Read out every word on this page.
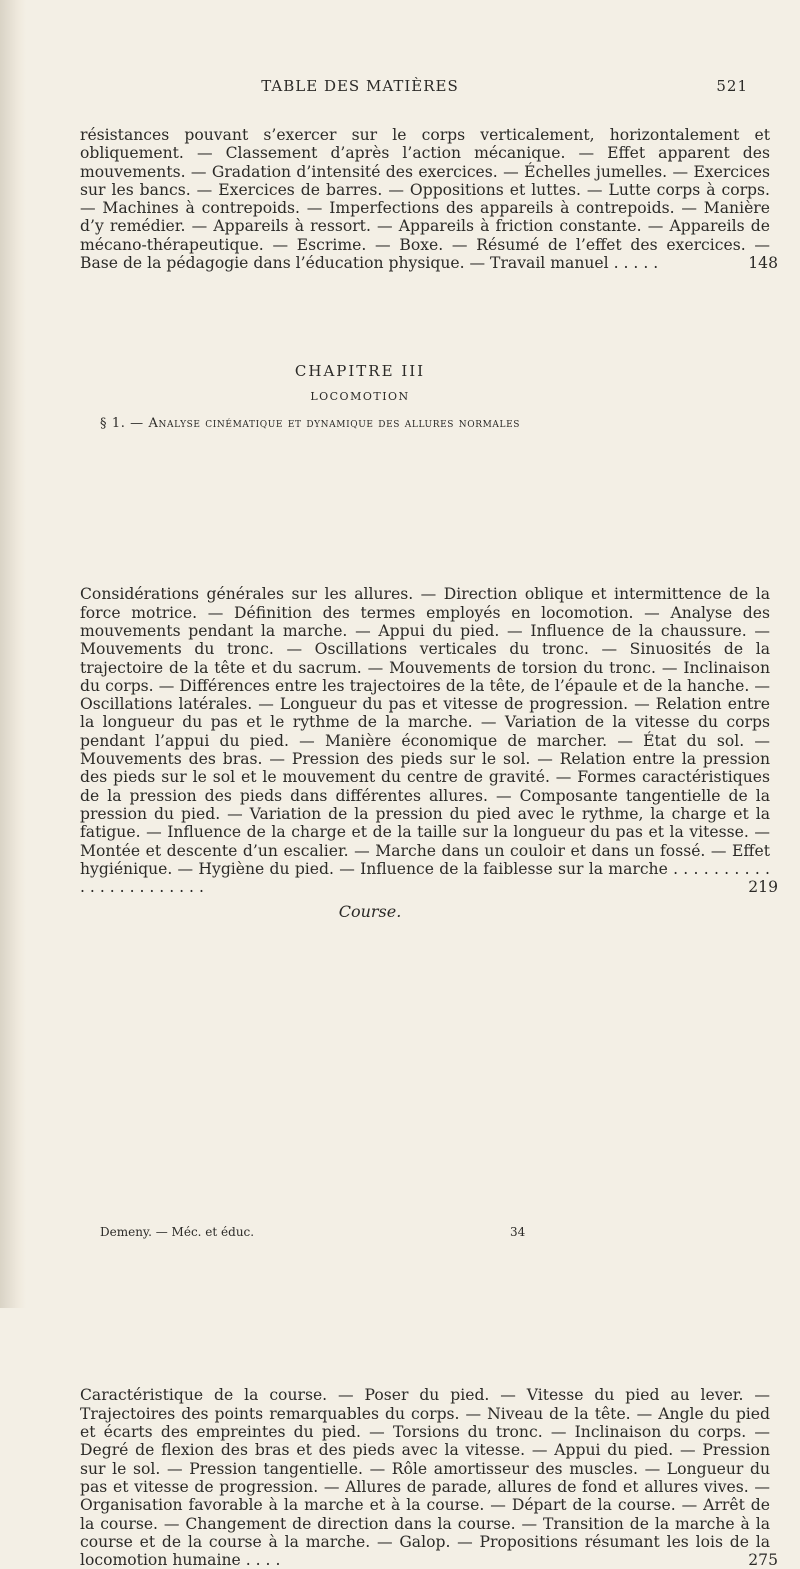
TABLE DES MATIÈRES	521
résistances pouvant s’exercer sur le corps verticalement, horizontalement et obliquement. — Classement d’après l’action mécanique. — Effet apparent des mouvements. — Gradation d’intensité des exercices. — Échelles jumelles. — Exercices sur les bancs. — Exercices de barres. — Oppositions et luttes. — Lutte corps à corps. — Machines à contrepoids. — Imperfections des appareils à contrepoids. — Manière d’y remédier. — Appareils à ressort. — Appareils à friction constante. — Appareils de mécano-thérapeutique. — Escrime. — Boxe. — Résumé de l’effet des exercices. — Base de la pédagogie dans l’éducation physique. — Travail manuel . . . . .	148
CHAPITRE III
LOCOMOTION
§ 1. — Analyse cinématique et dynamique des allures normales
Considérations générales sur les allures. — Direction oblique et intermittence de la force motrice. — Définition des termes employés en locomotion. — Analyse des mouvements pendant la marche. — Appui du pied. — Influence de la chaussure. — Mouvements du tronc. — Oscillations verticales du tronc. — Sinuosités de la trajectoire de la tête et du sacrum. — Mouvements de torsion du tronc. — Inclinaison du corps. — Différences entre les trajectoires de la tête, de l’épaule et de la hanche. — Oscillations latérales. — Longueur du pas et vitesse de progression. — Relation entre la longueur du pas et le rythme de la marche. — Variation de la vitesse du corps pendant l’appui du pied. — Manière économique de marcher. — État du sol. — Mouvements des bras. — Pression des pieds sur le sol. — Relation entre la pression des pieds sur le sol et le mouvement du centre de gravité. — Formes caractéristiques de la pression des pieds dans différentes allures. — Composante tangentielle de la pression du pied. — Variation de la pression du pied avec le rythme, la charge et la fatigue. — Influence de la charge et de la taille sur la longueur du pas et la vitesse. — Montée et descente d’un escalier. — Marche dans un couloir et dans un fossé. — Effet hygiénique. — Hygiène du pied. — Influence de la faiblesse sur la marche . . . . . . . . . . . . . . . . . . . . . . .	219
Course.
Caractéristique de la course. — Poser du pied. — Vitesse du pied au lever. — Trajectoires des points remarquables du corps. — Niveau de la tête. — Angle du pied et écarts des empreintes du pied. — Torsions du tronc. — Inclinaison du corps. — Degré de flexion des bras et des pieds avec la vitesse. — Appui du pied. — Pression sur le sol. — Pression tangentielle. — Rôle amortisseur des muscles. — Longueur du pas et vitesse de progression. — Allures de parade, allures de fond et allures vives. — Organisation favorable à la marche et à la course. — Départ de la course. — Arrêt de la course. — Changement de direction dans la course. — Transition de la marche à la course et de la course à la marche. — Galop. — Propositions résumant les lois de la locomotion humaine . . . .	275
Demeny. — Méc. et éduc.	34
